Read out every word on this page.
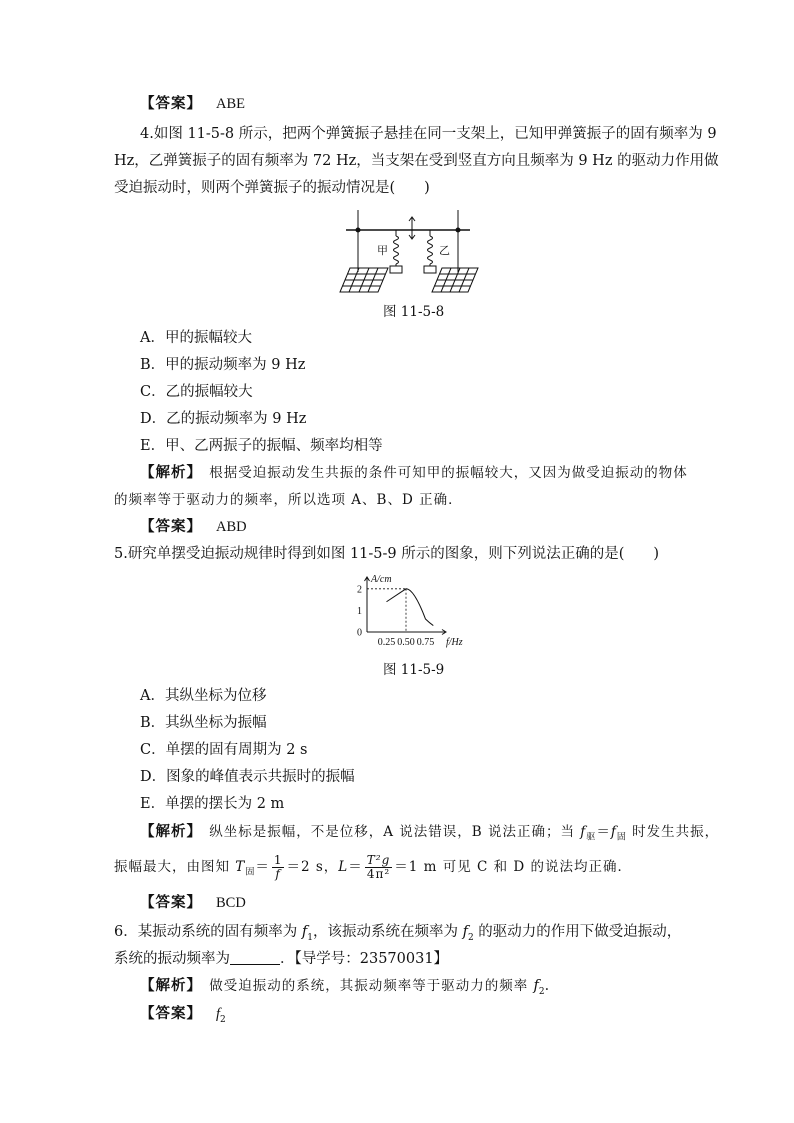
【答案】 ABE
4.如图 11-5-8 所示，把两个弹簧振子悬挂在同一支架上，已知甲弹簧振子的固有频率为 9
Hz，乙弹簧振子的固有频率为 72 Hz，当支架在受到竖直方向且频率为 9 Hz 的驱动力作用做
受迫振动时，则两个弹簧振子的振动情况是(　　)
甲	乙
图 11-5-8
A．甲的振幅较大
B．甲的振动频率为 9 Hz
C．乙的振幅较大
D．乙的振动频率为 9 Hz
E．甲、乙两振子的振幅、频率均相等
【解析】　 根据受迫振动发生共振的条件可知甲的振幅较大，又因为做受迫振动的物体
的频率等于驱动力的频率，所以选项 A、B、D 正确．
【答案】 ABD
5.研究单摆受迫振动规律时得到如图 11-5-9 所示的图象，则下列说法正确的是(　　)
A/cm
f/Hz
0
1
2
0.25 0.50 0.75
图 11-5-9
A．其纵坐标为位移
B．其纵坐标为振幅
C．单摆的固有周期为 2 s
D．图象的峰值表示共振时的振幅
E．单摆的摆长为 2 m
【解析】　 纵坐标是振幅，不是位移，A 说法错误，B 说法正确；当 $f_驱=f_固$ 时发生共振，
振幅最大，由图知 $T_固= \frac{1}{f} =2$ s，$L= \frac{\text{T²g}}{\text{4π²}} =1$ m 可见 C 和 D 的说法均正确．
【答案】 BCD
6．某振动系统的固有频率为 $f_1$，该振动系统在频率为 $f_2$ 的驱动力的作用下做受迫振动，
系统的振动频率为	．【导学号：23570031】
【解析】　 做受迫振动的系统，其振动频率等于驱动力的频率 $f_2$．
【答案】 $f_2$
